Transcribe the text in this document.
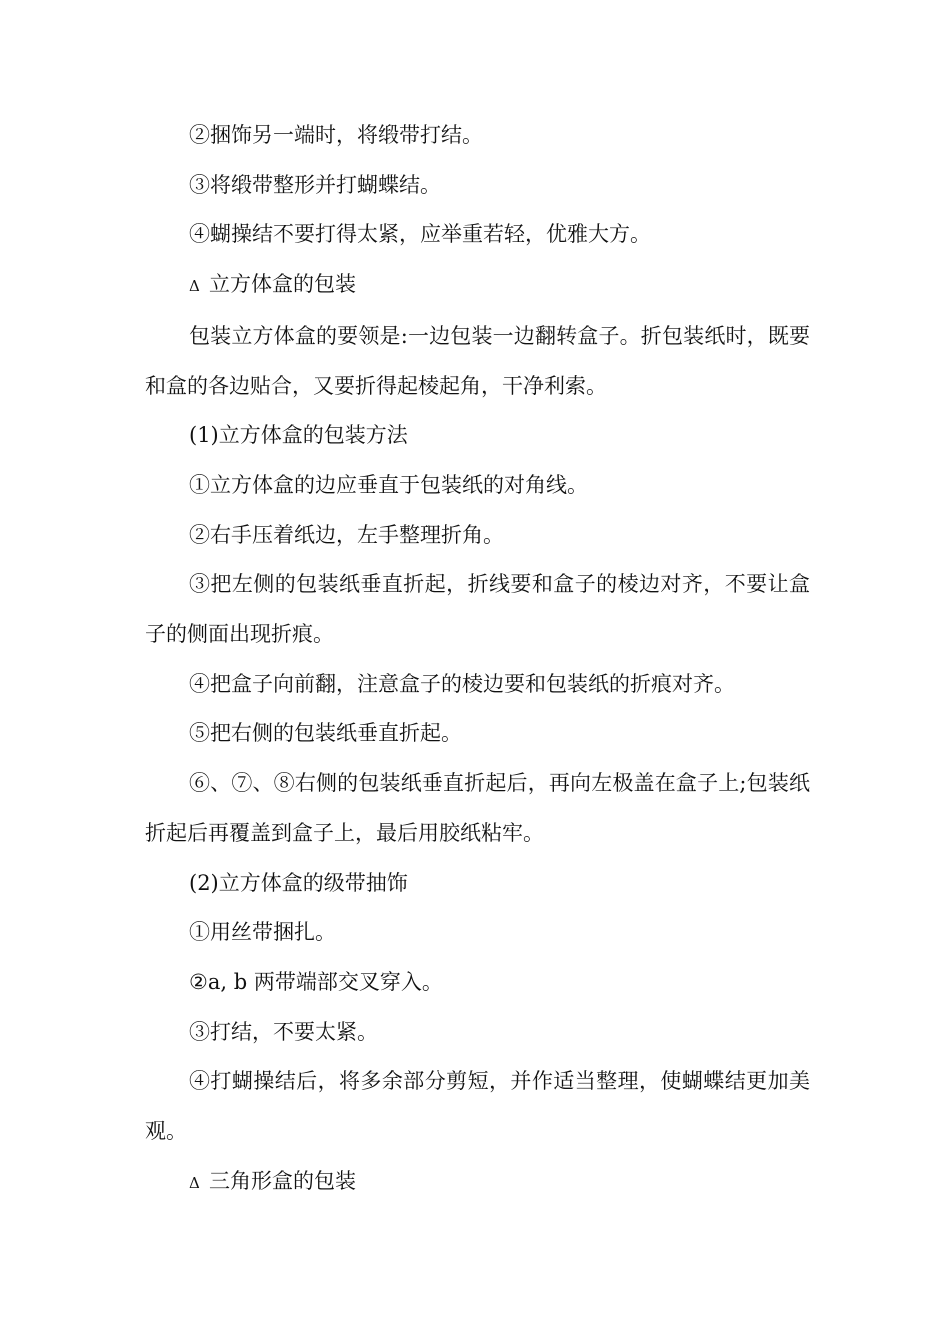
②捆饰另一端时，将缎带打结。

③将缎带整形并打蝴蝶结。

④蝴操结不要打得太紧，应举重若轻，优雅大方。

Δ 立方体盒的包装

包装立方体盒的要领是:一边包装一边翻转盒子。折包装纸时，既要和盒的各边贴合，又要折得起棱起角，干净利索。

(1)立方体盒的包装方法

①立方体盒的边应垂直于包装纸的对角线。

②右手压着纸边，左手整理折角。

③把左侧的包装纸垂直折起，折线要和盒子的棱边对齐，不要让盒子的侧面出现折痕。

④把盒子向前翻，注意盒子的棱边要和包装纸的折痕对齐。

⑤把右侧的包装纸垂直折起。

⑥、⑦、⑧右侧的包装纸垂直折起后，再向左极盖在盒子上;包装纸折起后再覆盖到盒子上，最后用胶纸粘牢。

(2)立方体盒的级带抽饰

①用丝带捆扎。

②a, b 两带端部交叉穿入。

③打结，不要太紧。

④打蝴操结后，将多余部分剪短，并作适当整理，使蝴蝶结更加美观。

Δ 三角形盒的包装
